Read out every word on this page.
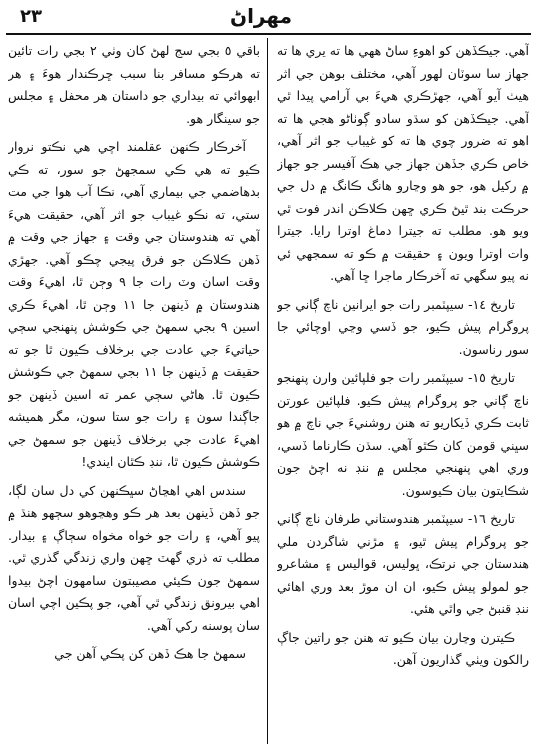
٢٣	مهراڻ

آهي. جيڪڏهن کو اهوءِ ساڻ ههي ها ته يري ها ته جهاز سا سوٽان لهور آهي، مختلف بوهن جي اثر هيٺ آيو آهي، جهڙڪري هيءَ بي آرامي پيدا ٿي آهي. جيڪڏهن کو سڌو سادو ڳوٺاڻو هجي ها ته اهو ته ضرور چوي ها ته کو غيباب جو اثر آهي، خاص ڪري جڏهن جهاز جي هڪ آفيسر جو جهاز ۾ رکيل هو، جو هو وڃارو هانگ ڪانگ ۾ دل جي حرڪت بند ٿيڻ ڪري ڇهن ڪلاڪن اندر فوت ٿي ويو هو. مطلب ته جيترا دماغ اوترا رايا. جيترا وات اوترا ويون ۽ حقيقت ۾ ڪو ته سمجهي ئي نه پيو سگهي ته آخرڪار ماجرا ڇا آهي.

تاريخ ١٤- سيپٽمبر رات جو ايرانين ناچ ڳاني جو پروگرام پيش ڪيو، جو ڏسي وڃي اوچائي جا سور رناسون.

تاريخ ١٥- سيپٽمبر رات جو فلپائين وارن پنهنجو ناچ ڳاني جو پروگرام پيش ڪيو. فلپائين عورتن ثابت ڪري ڏيکاريو ته هنن روشنيءَ جي ناچ ۾ هو سڀني قومن کان ڪٿو آهي. سڌن ڪارناما ڏسي، وري اهي پنهنجي مجلس ۾ ننڊ نه اچڻ جون شڪايتون بيان ڪيوسون.

تاريخ ١٦- سيپٽمبر هندوستاني طرفان ناچ ڳاني جو پروگرام پيش ٿيو، ۽ مڙني شاگردن ملي هندستان جي نرتڪ، ڀوليس، قواليس ۽ مشاعرو جو لمولو پيش ڪيو، ان ان موڙ بعد وري اهائي ننڊ قنبڻ جي واٿي هئي.

ڪيترن وڃارن بيان ڪيو ته هنن جو راتين جاڳ رالکون ويٺي گذاريون آهن.

باقي ٥ بجي سج لهڻ کان وٺي ٢ بجي رات تائين ته هرڪو مسافر بنا سبب ڇرڪندار هوءَ ۽ هر ابهوائي ته بيداري جو داستان هر محفل ۽ مجلس جو سينگار هو.

آخرڪار ڪنهن عقلمند اچي هي نڪتو نروار ڪيو ته هي ڪي سمجهڻ جو سور، ته ڪي بدهاضمي جي بيماري آهي، نڪا آب هوا جي مت ستي، ته نڪو غيباب جو اثر آهي، حقيقت هيءَ آهي ته هندوستان جي وقت ۽ جهاز جي وقت ۾ ڏهن ڪلاڪن جو فرق پيجي چڪو آهي. جهڙي وقت اسان وٽ رات جا ٩ وڄن ٿا، اهيءَ وقت هندوستان ۾ ڏينهن جا ١١ وڄن ٿا، اهيءَ ڪري اسين ٩ بجي سمهڻ جي ڪوشش پنهنجي سڄي حياتيءَ جي عادت جي برخلاف ڪيون ٿا جو ته حقيقت ۾ ڏينهن جا ١١ بجي سمهڻ جي ڪوشش ڪيون ٿا. هاڻي سڄي عمر ته اسين ڏينهن جو جاڳندا سون ۽ رات جو ستا سون، مگر هميشه اهيءَ عادت جي برخلاف ڏينهن جو سمهڻ جي ڪوشش ڪيون ٿا، ننڊ ڪٿان ايندي!

سندس اهي اهڃاڻ سڀڪنهن کي دل سان لڳا، جو ڏهن ڏينهن بعد هر ڪو وهڃوهو سڄهو هنڌ ۾ پيو آهي، ۽ رات جو خواه مخواه سڄاڳ ۽ بيدار. مطلب ته ذري گهٽ ڇهن واري زندگي گذري ٿي. سمهڻ جون ڪيئي مصيبتون سامهون اچڻ بيدوا اهي بيرونق زندگي ٿي آهي، جو پڪين اچي اسان سان پوسنه رکي آهي.

سمهڻ جا هڪ ڏهن کن پڪي آهن جي
